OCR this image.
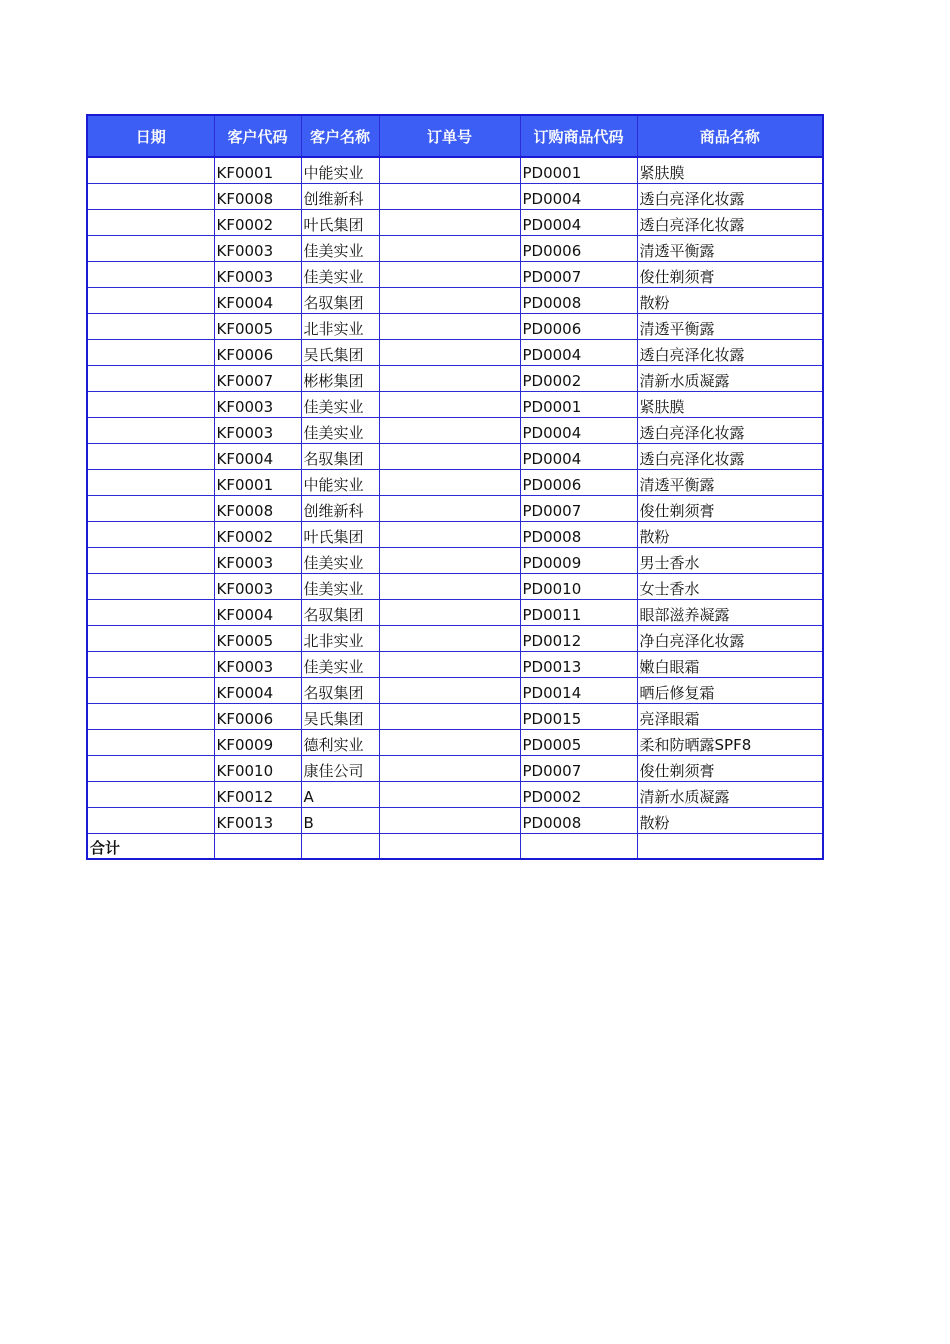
日期	客户代码	客户名称	订单号	订购商品代码	商品名称
	KF0001	中能实业		PD0001	紧肤膜
	KF0008	创维新科		PD0004	透白亮泽化妆露
	KF0002	叶氏集团		PD0004	透白亮泽化妆露
	KF0003	佳美实业		PD0006	清透平衡露
	KF0003	佳美实业		PD0007	俊仕剃须膏
	KF0004	名驭集团		PD0008	散粉
	KF0005	北非实业		PD0006	清透平衡露
	KF0006	吴氏集团		PD0004	透白亮泽化妆露
	KF0007	彬彬集团		PD0002	清新水质凝露
	KF0003	佳美实业		PD0001	紧肤膜
	KF0003	佳美实业		PD0004	透白亮泽化妆露
	KF0004	名驭集团		PD0004	透白亮泽化妆露
	KF0001	中能实业		PD0006	清透平衡露
	KF0008	创维新科		PD0007	俊仕剃须膏
	KF0002	叶氏集团		PD0008	散粉
	KF0003	佳美实业		PD0009	男士香水
	KF0003	佳美实业		PD0010	女士香水
	KF0004	名驭集团		PD0011	眼部滋养凝露
	KF0005	北非实业		PD0012	净白亮泽化妆露
	KF0003	佳美实业		PD0013	嫩白眼霜
	KF0004	名驭集团		PD0014	晒后修复霜
	KF0006	吴氏集团		PD0015	亮泽眼霜
	KF0009	德利实业		PD0005	柔和防晒露SPF8
	KF0010	康佳公司		PD0007	俊仕剃须膏
	KF0012	A		PD0002	清新水质凝露
	KF0013	B		PD0008	散粉
合计					
